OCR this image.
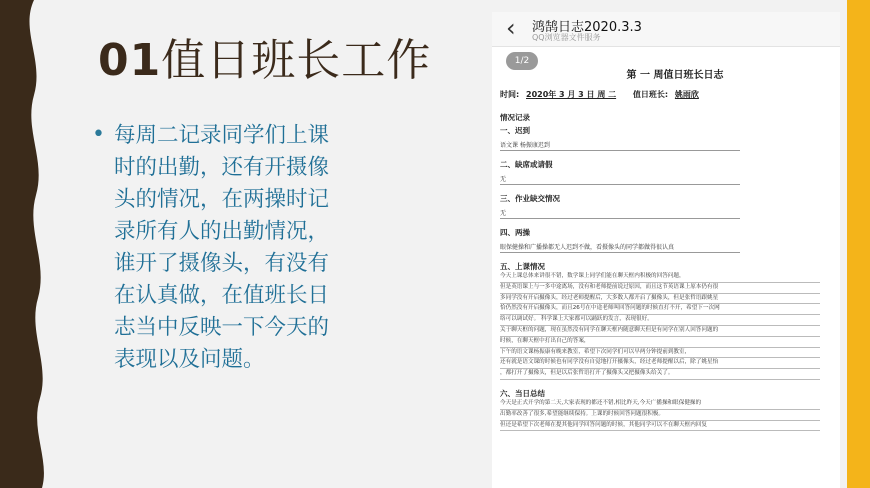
01值日班长工作
• 每周二记录同学们上课时的出勤，还有开摄像头的情况，在两操时记录所有人的出勤情况，谁开了摄像头，有没有在认真做，在值班长日志当中反映一下今天的表现以及问题。
‹ 鸿鹄日志2020.3.3
QQ浏览器文件服务
1/2
第 一 周值日班长日志
时间: 2020年 3 月 3 日 周 二 值日班长: 姚雨欣
情况记录
一、迟到
语文课 杨振康迟到
二、缺席或请假
无
三、作业缺交情况
无
四、两操
眼保健操和广播操都无人迟到不做，看摄像头的同学都做得很认真
五、上课情况
今天上课总体来讲很不错，数学课上同学们能在聊天框内积极的回答问题，
但是英语课上与一多中途离场，没有和老师提前说过原因，而且这节英语课上原本仍有很
多同学没有开启摄像头，经过老师提醒后，大多数人都开启了摄像头，但是张哲语跟姚星
恰仍然没有开启摄像头，而且26号在中途老师叫回答问题的时候直打不开，希望下一次网
络可以调试好。 科学课上大家都可以踊跃的发言，表现很好。
关于聊天框的问题，现在虽然没有同学在聊天框内随意聊天但是有同学在别人回答问题的
时候，在聊天框中打出自己的答案，
下午的语文课杨振康有晚来教室，希望下次同学们可以早两分钟提前到教室，
还有就是语文课的时候也有同学没有自觉地打开摄像头，经过老师提醒以后，除了姚星怡
，都打开了摄像头，但是以后张哲语打开了摄像头又把摄像头给关了。
六、当日总结
今天是正式开学的第二天,大家表现的都还不错,相比昨天,今天广播操和眼保健操的
出勤率改善了很多,希望能继续保持。上课的时候回答问题很积极。
但还是希望下次老师在提其他同学回答问题的时候，其他同学可以不在聊天框内回复
